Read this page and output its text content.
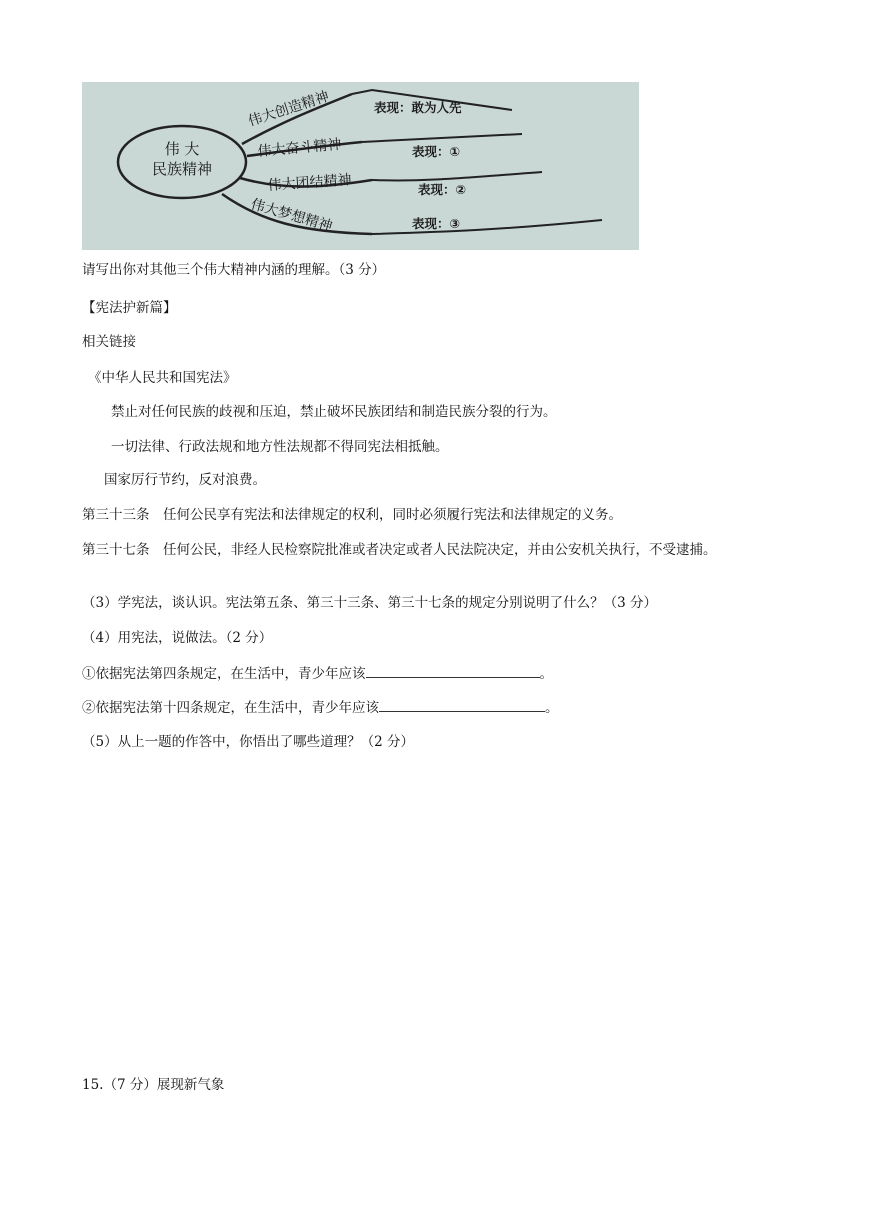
伟 大
民族精神
伟大创造精神
伟大奋斗精神
伟大团结精神
伟大梦想精神
表现：敢为人先
表现：①
表现：②
表现：③
请写出你对其他三个伟大精神内涵的理解。（3 分）
【宪法护新篇】
相关链接
《中华人民共和国宪法》
禁止对任何民族的歧视和压迫，禁止破坏民族团结和制造民族分裂的行为。
一切法律、行政法规和地方性法规都不得同宪法相抵触。
国家厉行节约，反对浪费。
第三十三条　任何公民享有宪法和法律规定的权利，同时必须履行宪法和法律规定的义务。
第三十七条　任何公民，非经人民检察院批准或者决定或者人民法院决定，并由公安机关执行，不受逮捕。
（3）学宪法，谈认识。宪法第五条、第三十三条、第三十七条的规定分别说明了什么？（3 分）
（4）用宪法，说做法。（2 分）
①依据宪法第四条规定，在生活中，青少年应该	。
②依据宪法第十四条规定，在生活中，青少年应该	。
（5）从上一题的作答中，你悟出了哪些道理？（2 分）
15.（7 分）展现新气象
